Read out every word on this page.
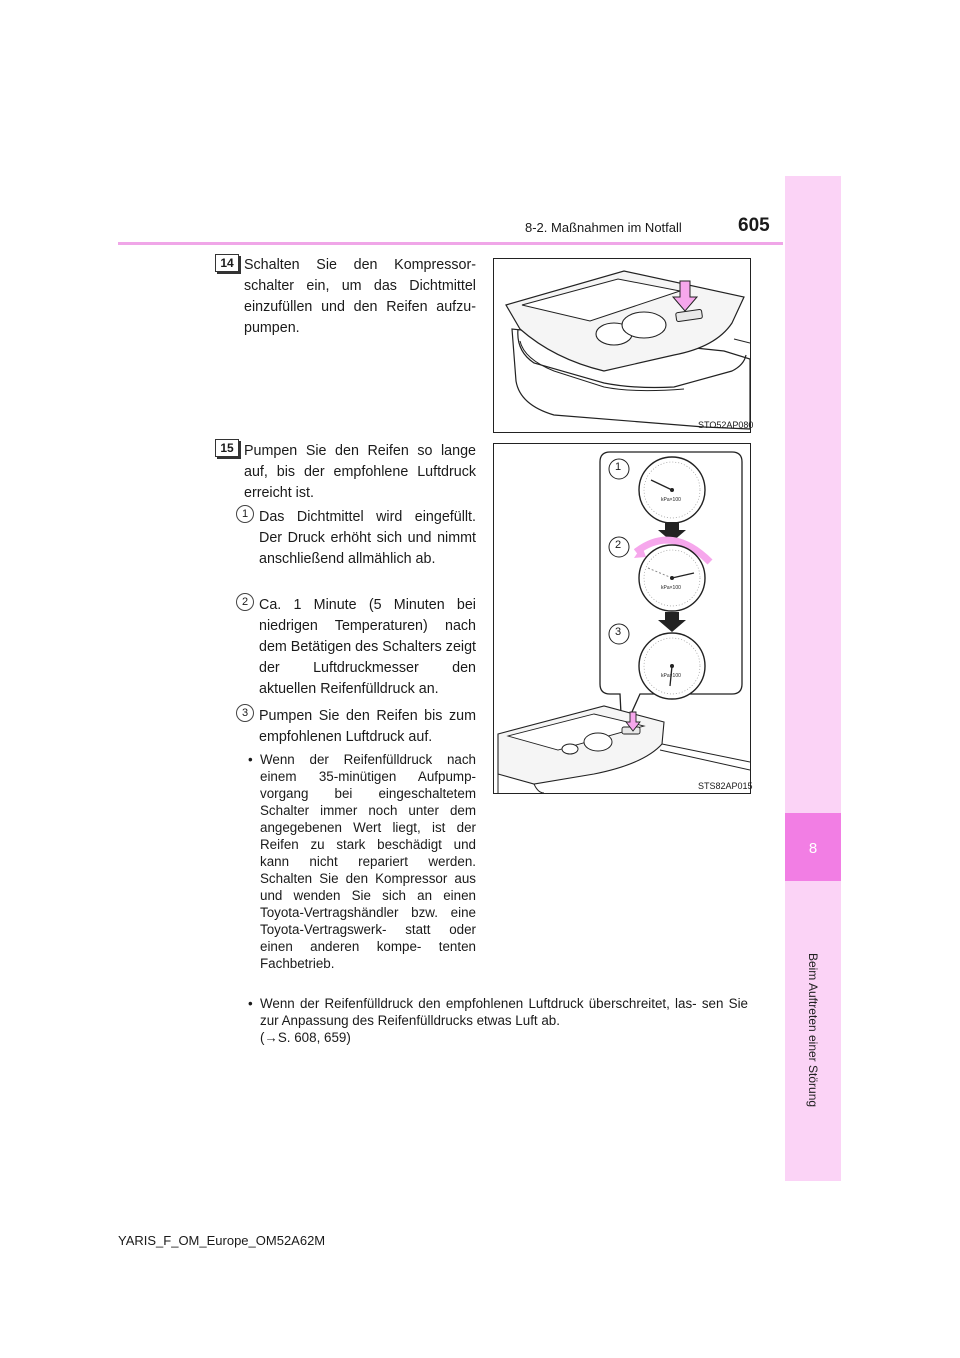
8-2. Maßnahmen im Notfall	605
8
Beim Auftreten einer Störung
14 Schalten Sie den Kompressor- schalter ein, um das Dichtmittel einzufüllen und den Reifen aufzu- pumpen.
STO52AP080
15 Pumpen Sie den Reifen so lange auf, bis der empfohlene Luftdruck erreicht ist.
1 Das Dichtmittel wird eingefüllt. Der Druck erhöht sich und nimmt anschließend allmählich ab.
2 Ca. 1 Minute (5 Minuten bei niedrigen Temperaturen) nach dem Betätigen des Schalters zeigt der Luftdruckmesser den aktuellen Reifenfülldruck an.
3 Pumpen Sie den Reifen bis zum empfohlenen Luftdruck auf.
• Wenn der Reifenfülldruck nach einem 35-minütigen Aufpump- vorgang bei eingeschaltetem Schalter immer noch unter dem angegebenen Wert liegt, ist der Reifen zu stark beschädigt und kann nicht repariert werden. Schalten Sie den Kompressor aus und wenden Sie sich an einen Toyota-Vertragshändler bzw. eine Toyota-Vertragswerk- statt oder einen anderen kompe- tenten Fachbetrieb.
• Wenn der Reifenfülldruck den empfohlenen Luftdruck überschreitet, las- sen Sie zur Anpassung des Reifenfülldrucks etwas Luft ab.
(→S. 608, 659)
1
2
3
kPa×100
kPa×100
kPa×100
STS82AP015
YARIS_F_OM_Europe_OM52A62M
